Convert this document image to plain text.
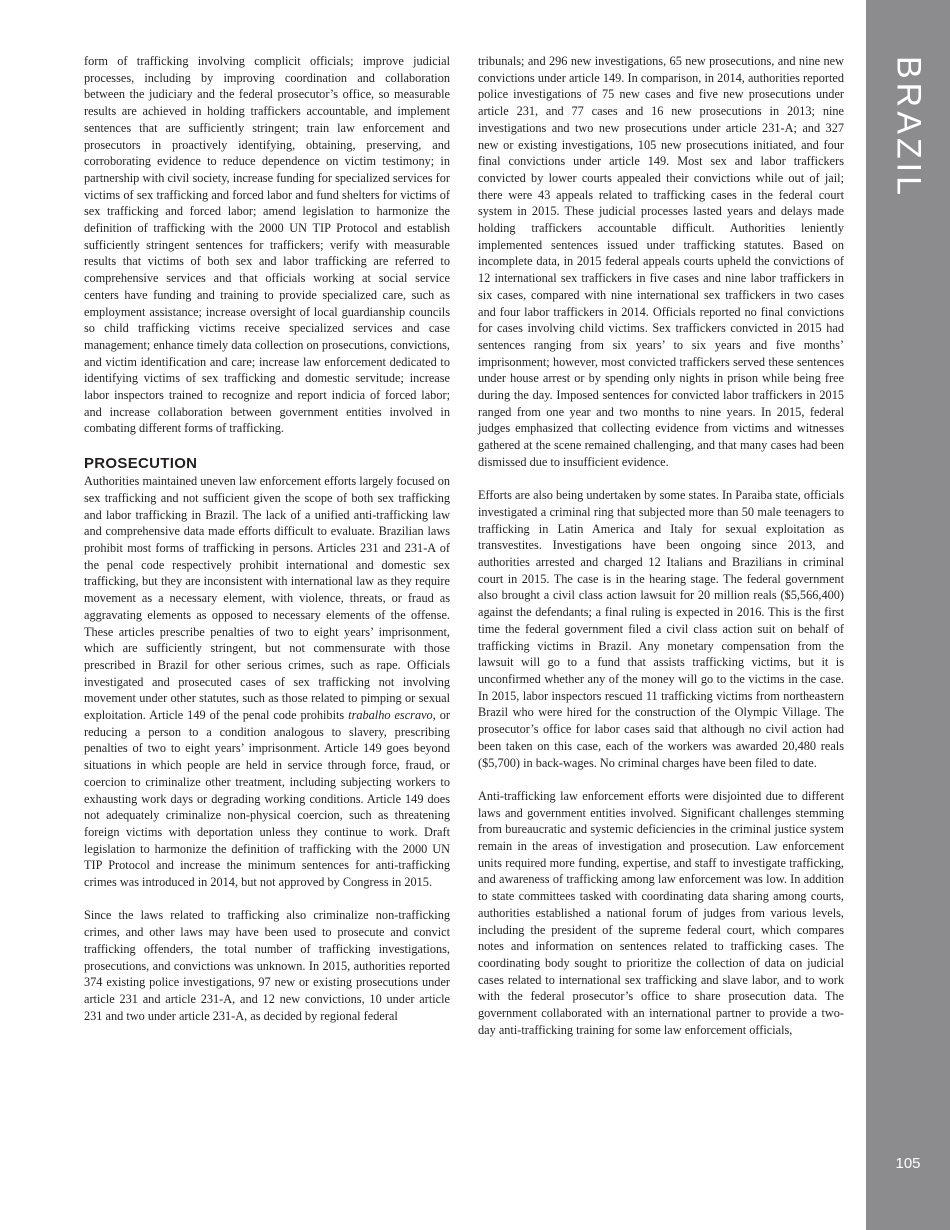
form of trafficking involving complicit officials; improve judicial processes, including by improving coordination and collaboration between the judiciary and the federal prosecutor’s office, so measurable results are achieved in holding traffickers accountable, and implement sentences that are sufficiently stringent; train law enforcement and prosecutors in proactively identifying, obtaining, preserving, and corroborating evidence to reduce dependence on victim testimony; in partnership with civil society, increase funding for specialized services for victims of sex trafficking and forced labor and fund shelters for victims of sex trafficking and forced labor; amend legislation to harmonize the definition of trafficking with the 2000 UN TIP Protocol and establish sufficiently stringent sentences for traffickers; verify with measurable results that victims of both sex and labor trafficking are referred to comprehensive services and that officials working at social service centers have funding and training to provide specialized care, such as employment assistance; increase oversight of local guardianship councils so child trafficking victims receive specialized services and case management; enhance timely data collection on prosecutions, convictions, and victim identification and care; increase law enforcement dedicated to identifying victims of sex trafficking and domestic servitude; increase labor inspectors trained to recognize and report indicia of forced labor; and increase collaboration between government entities involved in combating different forms of trafficking.

PROSECUTION

Authorities maintained uneven law enforcement efforts largely focused on sex trafficking and not sufficient given the scope of both sex trafficking and labor trafficking in Brazil. The lack of a unified anti-trafficking law and comprehensive data made efforts difficult to evaluate. Brazilian laws prohibit most forms of trafficking in persons. Articles 231 and 231-A of the penal code respectively prohibit international and domestic sex trafficking, but they are inconsistent with international law as they require movement as a necessary element, with violence, threats, or fraud as aggravating elements as opposed to necessary elements of the offense. These articles prescribe penalties of two to eight years’ imprisonment, which are sufficiently stringent, but not commensurate with those prescribed in Brazil for other serious crimes, such as rape. Officials investigated and prosecuted cases of sex trafficking not involving movement under other statutes, such as those related to pimping or sexual exploitation. Article 149 of the penal code prohibits trabalho escravo, or reducing a person to a condition analogous to slavery, prescribing penalties of two to eight years’ imprisonment. Article 149 goes beyond situations in which people are held in service through force, fraud, or coercion to criminalize other treatment, including subjecting workers to exhausting work days or degrading working conditions. Article 149 does not adequately criminalize non-physical coercion, such as threatening foreign victims with deportation unless they continue to work. Draft legislation to harmonize the definition of trafficking with the 2000 UN TIP Protocol and increase the minimum sentences for anti-trafficking crimes was introduced in 2014, but not approved by Congress in 2015.

Since the laws related to trafficking also criminalize non-trafficking crimes, and other laws may have been used to prosecute and convict trafficking offenders, the total number of trafficking investigations, prosecutions, and convictions was unknown. In 2015, authorities reported 374 existing police investigations, 97 new or existing prosecutions under article 231 and article 231-A, and 12 new convictions, 10 under article 231 and two under article 231-A, as decided by regional federal

tribunals; and 296 new investigations, 65 new prosecutions, and nine new convictions under article 149. In comparison, in 2014, authorities reported police investigations of 75 new cases and five new prosecutions under article 231, and 77 cases and 16 new prosecutions in 2013; nine investigations and two new prosecutions under article 231-A; and 327 new or existing investigations, 105 new prosecutions initiated, and four final convictions under article 149. Most sex and labor traffickers convicted by lower courts appealed their convictions while out of jail; there were 43 appeals related to trafficking cases in the federal court system in 2015. These judicial processes lasted years and delays made holding traffickers accountable difficult. Authorities leniently implemented sentences issued under trafficking statutes. Based on incomplete data, in 2015 federal appeals courts upheld the convictions of 12 international sex traffickers in five cases and nine labor traffickers in six cases, compared with nine international sex traffickers in two cases and four labor traffickers in 2014. Officials reported no final convictions for cases involving child victims. Sex traffickers convicted in 2015 had sentences ranging from six years’ to six years and five months’ imprisonment; however, most convicted traffickers served these sentences under house arrest or by spending only nights in prison while being free during the day. Imposed sentences for convicted labor traffickers in 2015 ranged from one year and two months to nine years. In 2015, federal judges emphasized that collecting evidence from victims and witnesses gathered at the scene remained challenging, and that many cases had been dismissed due to insufficient evidence.

Efforts are also being undertaken by some states. In Paraiba state, officials investigated a criminal ring that subjected more than 50 male teenagers to trafficking in Latin America and Italy for sexual exploitation as transvestites. Investigations have been ongoing since 2013, and authorities arrested and charged 12 Italians and Brazilians in criminal court in 2015. The case is in the hearing stage. The federal government also brought a civil class action lawsuit for 20 million reals ($5,566,400) against the defendants; a final ruling is expected in 2016. This is the first time the federal government filed a civil class action suit on behalf of trafficking victims in Brazil. Any monetary compensation from the lawsuit will go to a fund that assists trafficking victims, but it is unconfirmed whether any of the money will go to the victims in the case. In 2015, labor inspectors rescued 11 trafficking victims from northeastern Brazil who were hired for the construction of the Olympic Village. The prosecutor’s office for labor cases said that although no civil action had been taken on this case, each of the workers was awarded 20,480 reals ($5,700) in back-wages. No criminal charges have been filed to date.

Anti-trafficking law enforcement efforts were disjointed due to different laws and government entities involved. Significant challenges stemming from bureaucratic and systemic deficiencies in the criminal justice system remain in the areas of investigation and prosecution. Law enforcement units required more funding, expertise, and staff to investigate trafficking, and awareness of trafficking among law enforcement was low. In addition to state committees tasked with coordinating data sharing among courts, authorities established a national forum of judges from various levels, including the president of the supreme federal court, which compares notes and information on sentences related to trafficking cases. The coordinating body sought to prioritize the collection of data on judicial cases related to international sex trafficking and slave labor, and to work with the federal prosecutor’s office to share prosecution data. The government collaborated with an international partner to provide a two-day anti-trafficking training for some law enforcement officials,

BRAZIL
105
